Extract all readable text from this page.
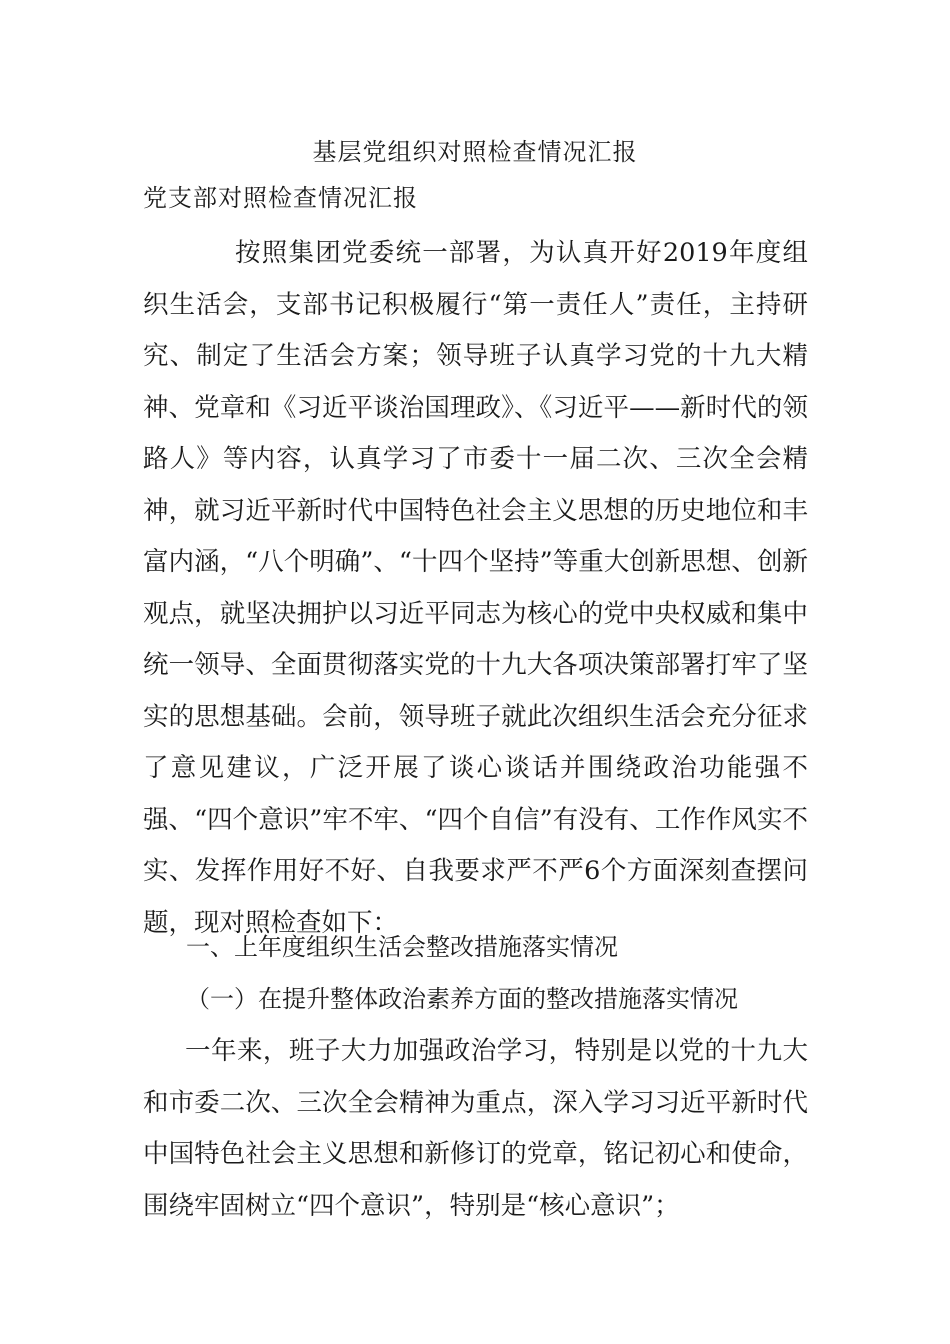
基层党组织对照检查情况汇报
党支部对照检查情况汇报
按照集团党委统一部署，为认真开好2019年度组织生活会，支部书记积极履行“第一责任人”责任，主持研究、制定了生活会方案；领导班子认真学习党的十九大精神、党章和《习近平谈治国理政》、《习近平——新时代的领路人》等内容，认真学习了市委十一届二次、三次全会精神，就习近平新时代中国特色社会主义思想的历史地位和丰富内涵，“八个明确”、“十四个坚持”等重大创新思想、创新观点，就坚决拥护以习近平同志为核心的党中央权威和集中统一领导、全面贯彻落实党的十九大各项决策部署打牢了坚实的思想基础。会前，领导班子就此次组织生活会充分征求了意见建议，广泛开展了谈心谈话并围绕政治功能强不强、“四个意识”牢不牢、“四个自信”有没有、工作作风实不实、发挥作用好不好、自我要求严不严6个方面深刻查摆问题，现对照检查如下：
一、上年度组织生活会整改措施落实情况
（一）在提升整体政治素养方面的整改措施落实情况
一年来，班子大力加强政治学习，特别是以党的十九大和市委二次、三次全会精神为重点，深入学习习近平新时代中国特色社会主义思想和新修订的党章，铭记初心和使命，围绕牢固树立“四个意识”，特别是“核心意识”；
